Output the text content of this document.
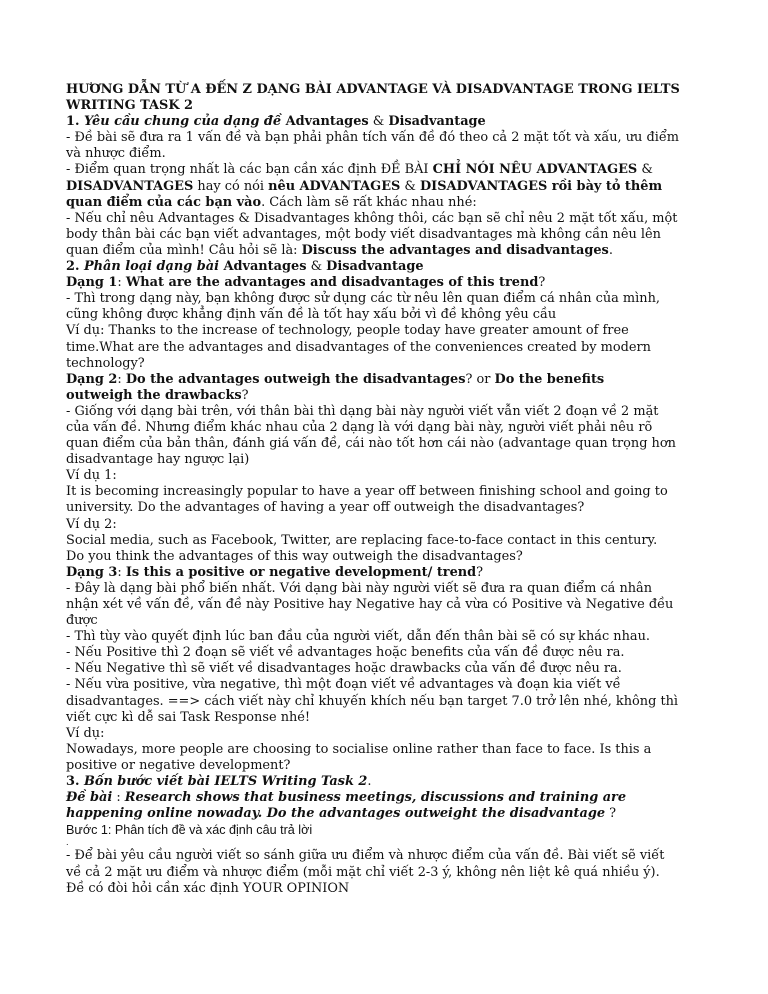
HƯƠNG DẪN TỪ A ĐẾN Z DẠNG BÀI ADVANTAGE VÀ DISADVANTAGE TRONG IELTS
WRITING TASK 2
1. Yêu cầu chung của dạng đề Advantages & Disadvantage
- Đề bài sẽ đưa ra 1 vấn đề và bạn phải phân tích vấn đề đó theo cả 2 mặt tốt và xấu, ưu điểm
và nhược điểm.
- Điểm quan trọng nhất là các bạn cần xác định ĐỀ BÀI CHỈ NÓI NÊU ADVANTAGES &
DISADVANTAGES hay có nói nêu ADVANTAGES & DISADVANTAGES rồi bày tỏ thêm
quan điểm của các bạn vào. Cách làm sẽ rất khác nhau nhé:
- Nếu chỉ nêu Advantages & Disadvantages không thôi, các bạn sẽ chỉ nêu 2 mặt tốt xấu, một
body thân bài các bạn viết advantages, một body viết disadvantages mà không cần nêu lên
quan điểm của mình! Câu hỏi sẽ là: Discuss the advantages and disadvantages.
2. Phân loại dạng bài Advantages & Disadvantage
Dạng 1: What are the advantages and disadvantages of this trend?
- Thì trong dạng này, bạn không được sử dụng các từ nêu lên quan điểm cá nhân của mình,
cũng không được khẳng định vấn đề là tốt hay xấu bởi vì đề không yêu cầu
Ví dụ: Thanks to the increase of technology, people today have greater amount of free
time.What are the advantages and disadvantages of the conveniences created by modern
technology?
Dạng 2: Do the advantages outweigh the disadvantages? or Do the benefits
outweigh the drawbacks?
- Giống với dạng bài trên, với thân bài thì dạng bài này người viết vẫn viết 2 đoạn về 2 mặt
của vấn đề. Nhưng điểm khác nhau của 2 dạng là với dạng bài này, người viết phải nêu rõ
quan điểm của bản thân, đánh giá vấn đề, cái nào tốt hơn cái nào (advantage quan trọng hơn
disadvantage hay ngược lại)
Ví dụ 1:
It is becoming increasingly popular to have a year off between finishing school and going to
university. Do the advantages of having a year off outweigh the disadvantages?
Ví dụ 2:
Social media, such as Facebook, Twitter, are replacing face-to-face contact in this century.
Do you think the advantages of this way outweigh the disadvantages?
Dạng 3: Is this a positive or negative development/ trend?
- Đây là dạng bài phổ biến nhất. Với dạng bài này người viết sẽ đưa ra quan điểm cá nhân
nhận xét về vấn đề, vấn đề này Positive hay Negative hay cả vừa có Positive và Negative đều
được
- Thì tùy vào quyết định lúc ban đầu của người viết, dẫn đến thân bài sẽ có sự khác nhau.
- Nếu Positive thì 2 đoạn sẽ viết về advantages hoặc benefits của vấn đề được nêu ra.
- Nếu Negative thì sẽ viết về disadvantages hoặc drawbacks của vấn đề được nêu ra.
- Nếu vừa positive, vừa negative, thì một đoạn viết về advantages và đoạn kia viết về
disadvantages. ==> cách viết này chỉ khuyến khích nếu bạn target 7.0 trở lên nhé, không thì
viết cực kì dễ sai Task Response nhé!
Ví dụ:
Nowadays, more people are choosing to socialise online rather than face to face. Is this a
positive or negative development?
3. Bốn bước viết bài IELTS Writing Task 2.
Đề bài : Research shows that business meetings, discussions and training are
happening online nowaday. Do the advantages outweight the disadvantage ?
Bước 1: Phân tích đề và xác định câu trả lời
.
- Để bài yêu cầu người viết so sánh giữa ưu điểm và nhược điểm của vấn đề. Bài viết sẽ viết
về cả 2 mặt ưu điểm và nhược điểm (mỗi mặt chỉ viết 2-3 ý, không nên liệt kê quá nhiều ý).
Đề có đòi hỏi cần xác định YOUR OPINION
